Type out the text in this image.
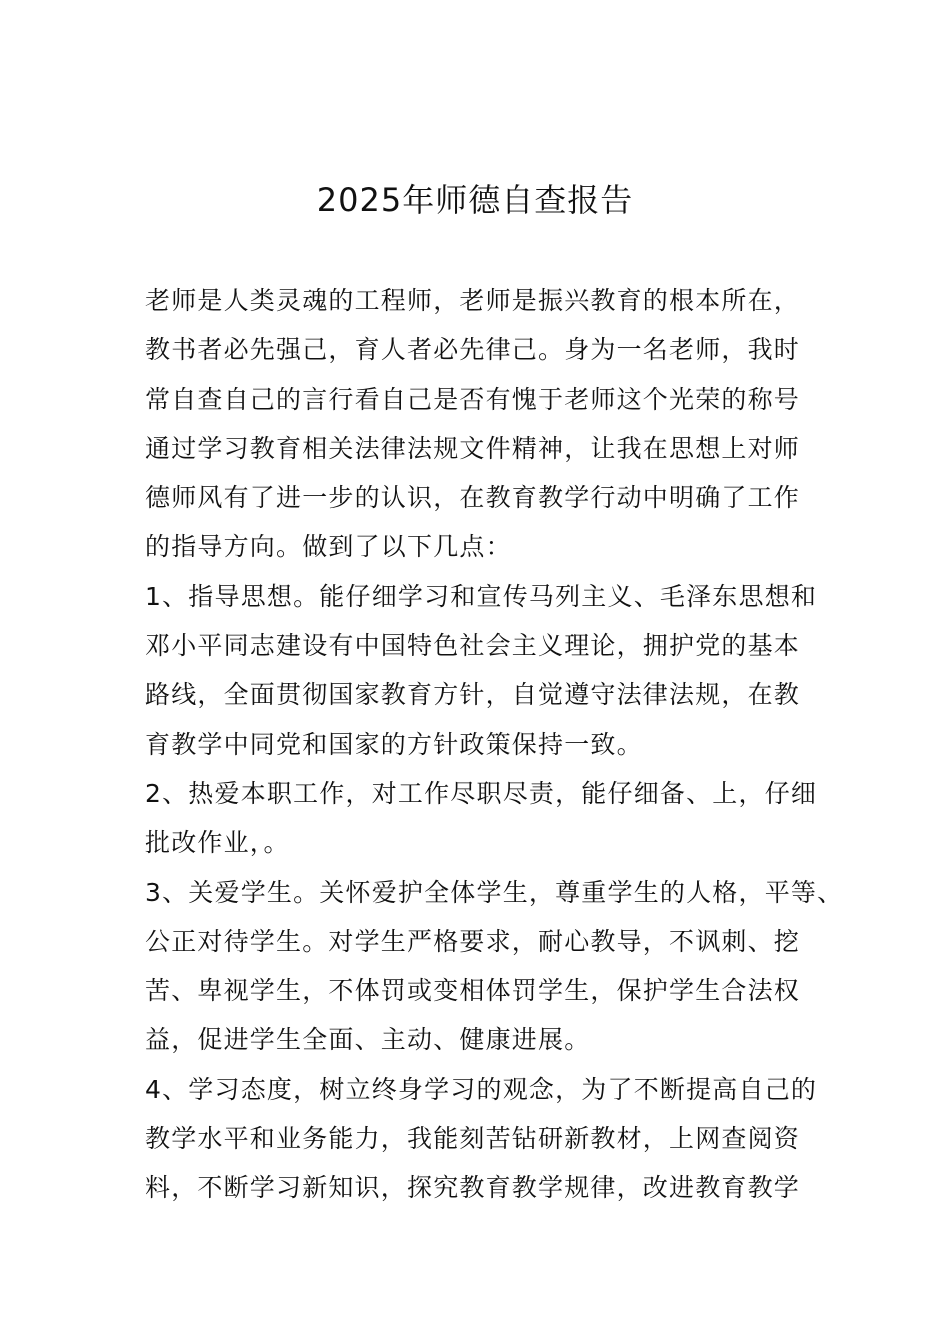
2025年师德自查报告
老师是人类灵魂的工程师，老师是振兴教育的根本所在，
教书者必先强己，育人者必先律己。身为一名老师，我时
常自查自己的言行看自己是否有愧于老师这个光荣的称号
通过学习教育相关法律法规文件精神，让我在思想上对师
德师风有了进一步的认识，在教育教学行动中明确了工作
的指导方向。做到了以下几点：
1、指导思想。能仔细学习和宣传马列主义、毛泽东思想和
邓小平同志建设有中国特色社会主义理论，拥护党的基本
路线，全面贯彻国家教育方针，自觉遵守法律法规，在教
育教学中同党和国家的方针政策保持一致。
2、热爱本职工作，对工作尽职尽责，能仔细备、上，仔细
批改作业，。
3、关爱学生。关怀爱护全体学生，尊重学生的人格，平等、
公正对待学生。对学生严格要求，耐心教导，不讽刺、挖
苦、卑视学生，不体罚或变相体罚学生，保护学生合法权
益，促进学生全面、主动、健康进展。
4、学习态度，树立终身学习的观念，为了不断提高自己的
教学水平和业务能力，我能刻苦钻研新教材，上网查阅资
料，不断学习新知识，探究教育教学规律，改进教育教学
